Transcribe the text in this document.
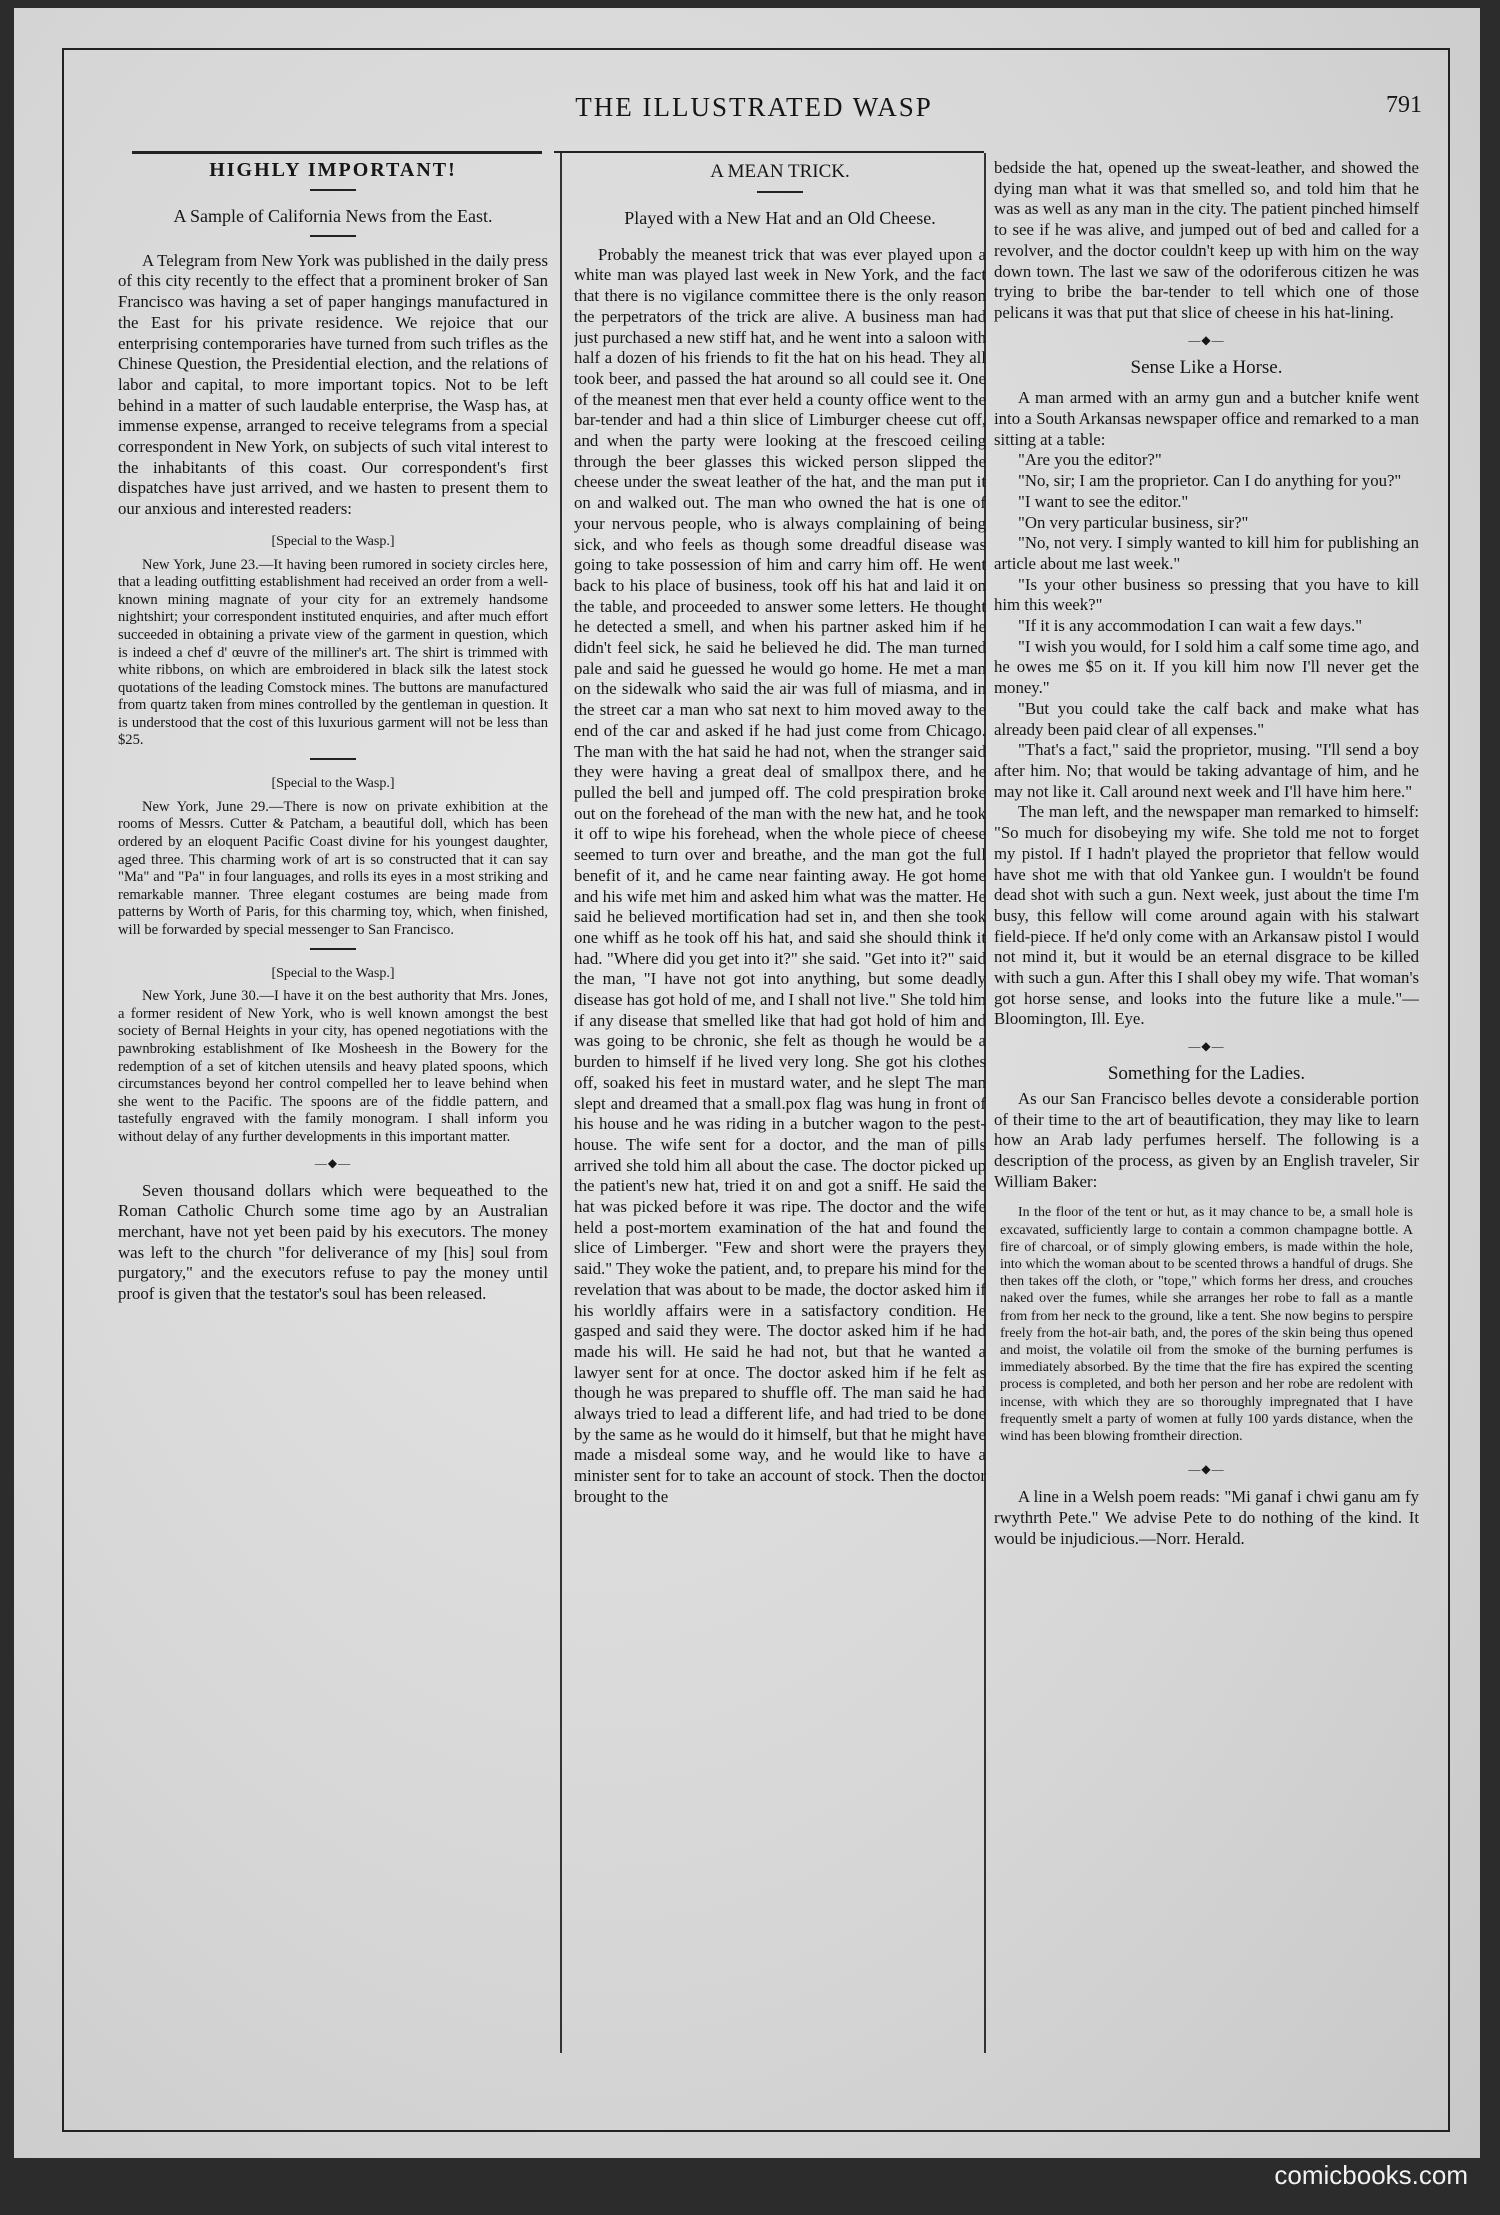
THE ILLUSTRATED WASP	791

HIGHLY IMPORTANT!

A Sample of California News from the East.

A Telegram from New York was published in the daily press of this city recently to the effect that a prominent broker of San Francisco was having a set of paper hangings manufactured in the East for his private residence. We rejoice that our enterprising contemporaries have turned from such trifles as the Chinese Question, the Presidential election, and the relations of labor and capital, to more important topics. Not to be left behind in a matter of such laudable enterprise, the Wasp has, at immense expense, arranged to receive telegrams from a special correspondent in New York, on subjects of such vital interest to the inhabitants of this coast. Our correspondent's first dispatches have just arrived, and we hasten to present them to our anxious and interested readers:

[Special to the Wasp.]

New York, June 23.—It having been rumored in society circles here, that a leading outfitting establishment had received an order from a well-known mining magnate of your city for an extremely handsome nightshirt; your correspondent instituted enquiries, and after much effort succeeded in obtaining a private view of the garment in question, which is indeed a chef d' œuvre of the milliner's art. The shirt is trimmed with white ribbons, on which are embroidered in black silk the latest stock quotations of the leading Comstock mines. The buttons are manufactured from quartz taken from mines controlled by the gentleman in question. It is understood that the cost of this luxurious garment will not be less than $25.

[Special to the Wasp.]

New York, June 29.—There is now on private exhibition at the rooms of Messrs. Cutter & Patcham, a beautiful doll, which has been ordered by an eloquent Pacific Coast divine for his youngest daughter, aged three. This charming work of art is so constructed that it can say "Ma" and "Pa" in four languages, and rolls its eyes in a most striking and remarkable manner. Three elegant costumes are being made from patterns by Worth of Paris, for this charming toy, which, when finished, will be forwarded by special messenger to San Francisco.

[Special to the Wasp.]

New York, June 30.—I have it on the best authority that Mrs. Jones, a former resident of New York, who is well known amongst the best society of Bernal Heights in your city, has opened negotiations with the pawnbroking establishment of Ike Mosheesh in the Bowery for the redemption of a set of kitchen utensils and heavy plated spoons, which circumstances beyond her control compelled her to leave behind when she went to the Pacific. The spoons are of the fiddle pattern, and tastefully engraved with the family monogram. I shall inform you without delay of any further developments in this important matter.

—◆—

Seven thousand dollars which were bequeathed to the Roman Catholic Church some time ago by an Australian merchant, have not yet been paid by his executors. The money was left to the church "for deliverance of my [his] soul from purgatory," and the executors refuse to pay the money until proof is given that the testator's soul has been released.

A MEAN TRICK.

Played with a New Hat and an Old Cheese.

Probably the meanest trick that was ever played upon a white man was played last week in New York, and the fact that there is no vigilance committee there is the only reason the perpetrators of the trick are alive. A business man had just purchased a new stiff hat, and he went into a saloon with half a dozen of his friends to fit the hat on his head. They all took beer, and passed the hat around so all could see it. One of the meanest men that ever held a county office went to the bar-tender and had a thin slice of Limburger cheese cut off, and when the party were looking at the frescoed ceiling through the beer glasses this wicked person slipped the cheese under the sweat leather of the hat, and the man put it on and walked out. The man who owned the hat is one of your nervous people, who is always complaining of being sick, and who feels as though some dreadful disease was going to take possession of him and carry him off. He went back to his place of business, took off his hat and laid it on the table, and proceeded to answer some letters. He thought he detected a smell, and when his partner asked him if he didn't feel sick, he said he believed he did. The man turned pale and said he guessed he would go home. He met a man on the sidewalk who said the air was full of miasma, and in the street car a man who sat next to him moved away to the end of the car and asked if he had just come from Chicago. The man with the hat said he had not, when the stranger said they were having a great deal of smallpox there, and he pulled the bell and jumped off. The cold prespiration broke out on the forehead of the man with the new hat, and he took it off to wipe his forehead, when the whole piece of cheese seemed to turn over and breathe, and the man got the full benefit of it, and he came near fainting away. He got home and his wife met him and asked him what was the matter. He said he believed mortification had set in, and then she took one whiff as he took off his hat, and said she should think it had. "Where did you get into it?" she said. "Get into it?" said the man, "I have not got into anything, but some deadly disease has got hold of me, and I shall not live." She told him if any disease that smelled like that had got hold of him and was going to be chronic, she felt as though he would be a burden to himself if he lived very long. She got his clothes off, soaked his feet in mustard water, and he slept The man slept and dreamed that a small.pox flag was hung in front of his house and he was riding in a butcher wagon to the pest-house. The wife sent for a doctor, and the man of pills arrived she told him all about the case. The doctor picked up the patient's new hat, tried it on and got a sniff. He said the hat was picked before it was ripe. The doctor and the wife held a post-mortem examination of the hat and found the slice of Limberger. "Few and short were the prayers they said." They woke the patient, and, to prepare his mind for the revelation that was about to be made, the doctor asked him if his worldly affairs were in a satisfactory condition. He gasped and said they were. The doctor asked him if he had made his will. He said he had not, but that he wanted a lawyer sent for at once. The doctor asked him if he felt as though he was prepared to shuffle off. The man said he had always tried to lead a different life, and had tried to be done by the same as he would do it himself, but that he might have made a misdeal some way, and he would like to have a minister sent for to take an account of stock. Then the doctor brought to the

bedside the hat, opened up the sweat-leather, and showed the dying man what it was that smelled so, and told him that he was as well as any man in the city. The patient pinched himself to see if he was alive, and jumped out of bed and called for a revolver, and the doctor couldn't keep up with him on the way down town. The last we saw of the odoriferous citizen he was trying to bribe the bar-tender to tell which one of those pelicans it was that put that slice of cheese in his hat-lining.

—◆—

Sense Like a Horse.

A man armed with an army gun and a butcher knife went into a South Arkansas newspaper office and remarked to a man sitting at a table:

"Are you the editor?"

"No, sir; I am the proprietor. Can I do anything for you?"

"I want to see the editor."

"On very particular business, sir?"

"No, not very. I simply wanted to kill him for publishing an article about me last week."

"Is your other business so pressing that you have to kill him this week?"

"If it is any accommodation I can wait a few days."

"I wish you would, for I sold him a calf some time ago, and he owes me $5 on it. If you kill him now I'll never get the money."

"But you could take the calf back and make what has already been paid clear of all expenses."

"That's a fact," said the proprietor, musing. "I'll send a boy after him. No; that would be taking advantage of him, and he may not like it. Call around next week and I'll have him here."

The man left, and the newspaper man remarked to himself: "So much for disobeying my wife. She told me not to forget my pistol. If I hadn't played the proprietor that fellow would have shot me with that old Yankee gun. I wouldn't be found dead shot with such a gun. Next week, just about the time I'm busy, this fellow will come around again with his stalwart field-piece. If he'd only come with an Arkansaw pistol I would not mind it, but it would be an eternal disgrace to be killed with such a gun. After this I shall obey my wife. That woman's got horse sense, and looks into the future like a mule."—Bloomington, Ill. Eye.

—◆—

Something for the Ladies.

As our San Francisco belles devote a considerable portion of their time to the art of beautification, they may like to learn how an Arab lady perfumes herself. The following is a description of the process, as given by an English traveler, Sir William Baker:

In the floor of the tent or hut, as it may chance to be, a small hole is excavated, sufficiently large to contain a common champagne bottle. A fire of charcoal, or of simply glowing embers, is made within the hole, into which the woman about to be scented throws a handful of drugs. She then takes off the cloth, or "tope," which forms her dress, and crouches naked over the fumes, while she arranges her robe to fall as a mantle from from her neck to the ground, like a tent. She now begins to perspire freely from the hot-air bath, and, the pores of the skin being thus opened and moist, the volatile oil from the smoke of the burning perfumes is immediately absorbed. By the time that the fire has expired the scenting process is completed, and both her person and her robe are redolent with incense, with which they are so thoroughly impregnated that I have frequently smelt a party of women at fully 100 yards distance, when the wind has been blowing fromtheir direction.

—◆—

A line in a Welsh poem reads: "Mi ganaf i chwi ganu am fy rwythrth Pete." We advise Pete to do nothing of the kind. It would be injudicious.—Norr. Herald.

comicbooks.com
